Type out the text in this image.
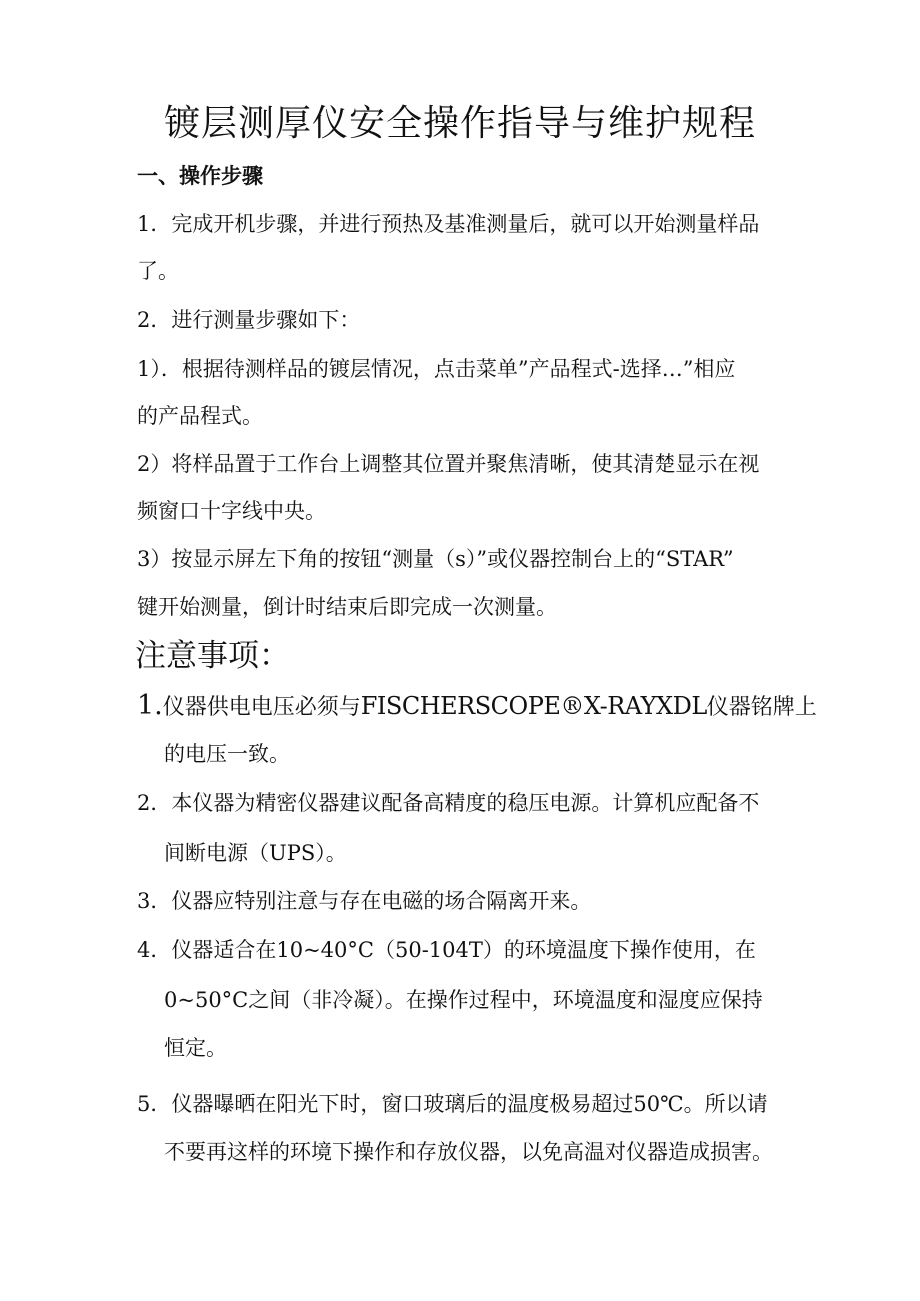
镀层测厚仪安全操作指导与维护规程
一、操作步骤
1．完成开机步骤，并进行预热及基准测量后，就可以开始测量样品
了。
2．进行测量步骤如下：
1）．根据待测样品的镀层情况，点击菜单”产品程式-选择…”相应
的产品程式。
2）将样品置于工作台上调整其位置并聚焦清晰，使其清楚显示在视
频窗口十字线中央。
3）按显示屏左下角的按钮“测量（s）”或仪器控制台上的“STAR”
键开始测量，倒计时结束后即完成一次测量。
注意事项：
1.仪器供电电压必须与FISCHERSCOPE®X-RAYXDL仪器铭牌上
的电压一致。
2．本仪器为精密仪器建议配备高精度的稳压电源。计算机应配备不
间断电源（UPS）。
3．仪器应特别注意与存在电磁的场合隔离开来。
4．仪器适合在10~40°C（50-104T）的环境温度下操作使用，在
0~50°C之间（非冷凝）。在操作过程中，环境温度和湿度应保持
恒定。
5．仪器曝晒在阳光下时，窗口玻璃后的温度极易超过50℃。所以请
不要再这样的环境下操作和存放仪器，以免高温对仪器造成损害。
